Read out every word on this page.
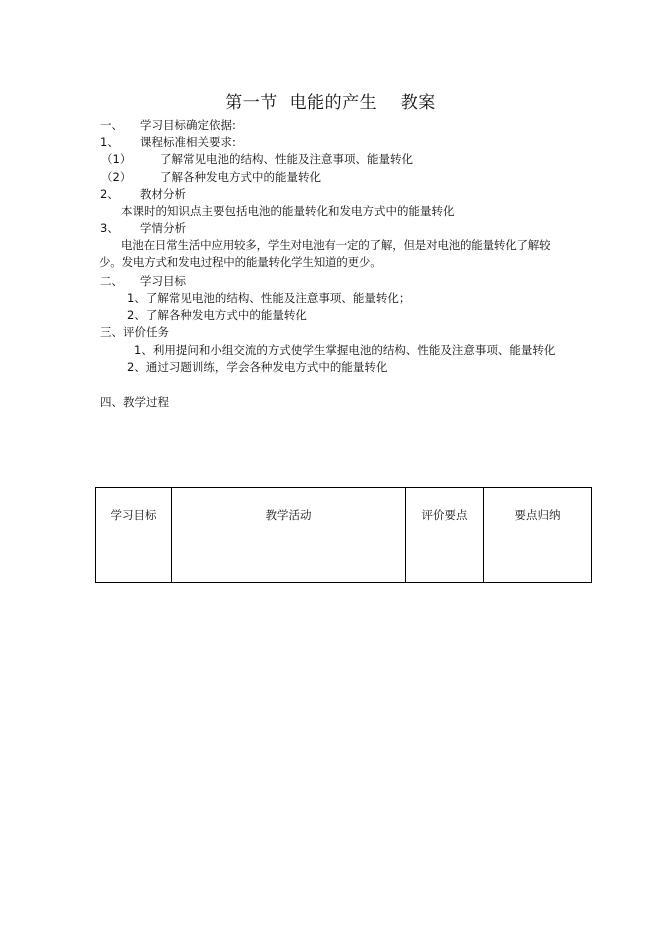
第一节  电能的产生    教案
一、 学习目标确定依据:
1、 课程标准相关要求:
（1） 了解常见电池的结构、性能及注意事项、能量转化
（2） 了解各种发电方式中的能量转化
2、 教材分析
本课时的知识点主要包括电池的能量转化和发电方式中的能量转化
3、 学情分析
电池在日常生活中应用较多，学生对电池有一定的了解，但是对电池的能量转化了解较少。发电方式和发电过程中的能量转化学生知道的更少。
二、 学习目标
1、了解常见电池的结构、性能及注意事项、能量转化；
2、了解各种发电方式中的能量转化
三、评价任务
1、利用提问和小组交流的方式使学生掌握电池的结构、性能及注意事项、能量转化
2、通过习题训练，学会各种发电方式中的能量转化
四、教学过程
学习目标	教学活动	评价要点	要点归纳
